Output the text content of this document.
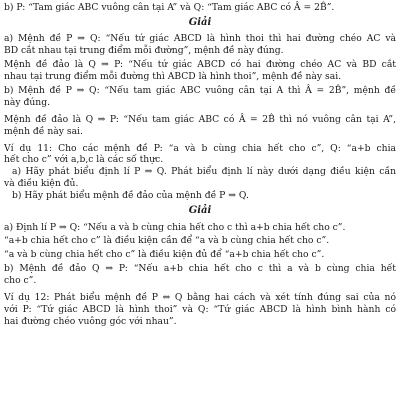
b) P: “Tam giác ABC vuông cân tại A” và Q: “Tam giác ABC có Â = 2B̂”.

Giải

a) Mệnh đề P ⇒ Q: “Nếu tứ giác ABCD là hình thoi thì hai đường chéo AC và

BD cắt nhau tại trung điểm mỗi đường”, mệnh đề này đúng.

Mệnh đề đảo là Q ⇒ P: “Nếu tứ giác ABCD có hai đường chéo AC và BD cắt

nhau tại trung điểm mỗi đường thì ABCD là hình thoi”, mệnh đề này sai.

b) Mệnh đề P ⇒ Q: “Nếu tam giác ABC vuông cân tại A thì Â = 2B̂”, mệnh đề

này đúng.

Mệnh đề đảo là Q ⇒ P: “Nếu tam giác ABC có Â = 2B̂ thì nó vuông cân tại A”,

mệnh đề này sai.

Ví dụ 11: Cho các mệnh đề P: “a và b cùng chia hết cho c”, Q: “a+b chia

hết cho c” với a,b,c là các số thực.

a) Hãy phát biểu định lí P ⇒ Q. Phát biểu định lí này dưới dạng điều kiện cần

và điều kiện đủ.

b) Hãy phát biểu mệnh đề đảo của mệnh đề P ⇒ Q.

Giải

a) Định lí P ⇒ Q: “Nếu a và b cùng chia hết cho c thì a+b chia hết cho c”.

“a+b chia hết cho c” là điều kiện cần để “a và b cùng chia hết cho c”.

“a và b cùng chia hết cho c” là điều kiện đủ để “a+b chia hết cho c”.

b) Mệnh đề đảo Q ⇒ P: “Nếu a+b chia hết cho c thì a và b cùng chia hết

cho c”.

Ví dụ 12: Phát biểu mệnh đề P ⇔ Q bằng hai cách và xét tính đúng sai của nó

với P: “Tứ giác ABCD là hình thoi” và Q: “Tứ giác ABCD là hình bình hành có

hai đường chéo vuông góc với nhau”.
